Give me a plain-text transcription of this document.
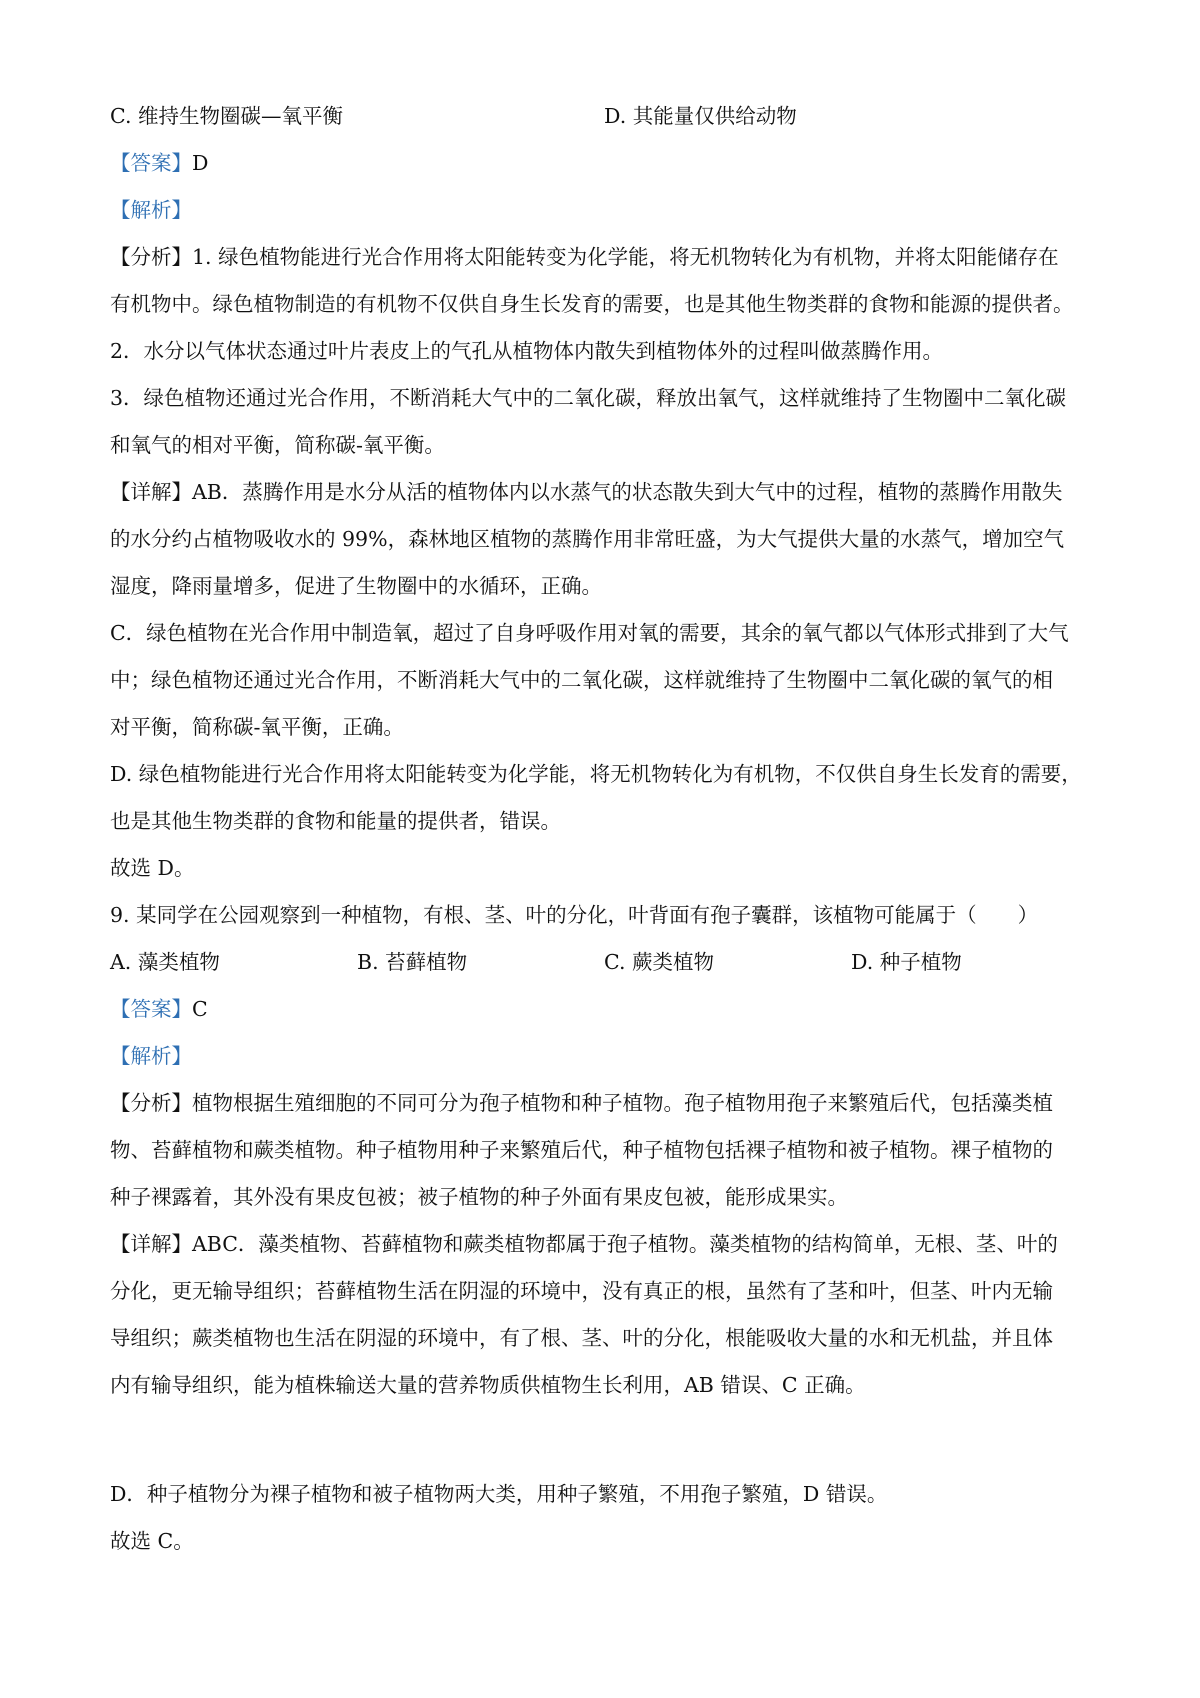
C. 维持生物圈碳—氧平衡	D. 其能量仅供给动物
【答案】D
【解析】
【分析】1. 绿色植物能进行光合作用将太阳能转变为化学能，将无机物转化为有机物，并将太阳能储存在
有机物中。绿色植物制造的有机物不仅供自身生长发育的需要，也是其他生物类群的食物和能源的提供者。
2．水分以气体状态通过叶片表皮上的气孔从植物体内散失到植物体外的过程叫做蒸腾作用。
3．绿色植物还通过光合作用，不断消耗大气中的二氧化碳，释放出氧气，这样就维持了生物圈中二氧化碳
和氧气的相对平衡，简称碳-氧平衡。
【详解】AB．蒸腾作用是水分从活的植物体内以水蒸气的状态散失到大气中的过程，植物的蒸腾作用散失
的水分约占植物吸收水的 99%，森林地区植物的蒸腾作用非常旺盛，为大气提供大量的水蒸气，增加空气
湿度，降雨量增多，促进了生物圈中的水循环，正确。
C．绿色植物在光合作用中制造氧，超过了自身呼吸作用对氧的需要，其余的氧气都以气体形式排到了大气
中；绿色植物还通过光合作用，不断消耗大气中的二氧化碳，这样就维持了生物圈中二氧化碳的氧气的相
对平衡，简称碳-氧平衡，正确。
D. 绿色植物能进行光合作用将太阳能转变为化学能，将无机物转化为有机物，不仅供自身生长发育的需要，
也是其他生物类群的食物和能量的提供者，错误。
故选 D。
9. 某同学在公园观察到一种植物，有根、茎、叶的分化，叶背面有孢子囊群，该植物可能属于（　　）
A. 藻类植物	B. 苔藓植物	C. 蕨类植物	D. 种子植物
【答案】C
【解析】
【分析】植物根据生殖细胞的不同可分为孢子植物和种子植物。孢子植物用孢子来繁殖后代，包括藻类植
物、苔藓植物和蕨类植物。种子植物用种子来繁殖后代，种子植物包括裸子植物和被子植物。裸子植物的
种子裸露着，其外没有果皮包被；被子植物的种子外面有果皮包被，能形成果实。
【详解】ABC．藻类植物、苔藓植物和蕨类植物都属于孢子植物。藻类植物的结构简单，无根、茎、叶的
分化，更无输导组织；苔藓植物生活在阴湿的环境中，没有真正的根，虽然有了茎和叶，但茎、叶内无输
导组织；蕨类植物也生活在阴湿的环境中，有了根、茎、叶的分化，根能吸收大量的水和无机盐，并且体
内有输导组织，能为植株输送大量的营养物质供植物生长利用，AB 错误、C 正确。
D．种子植物分为裸子植物和被子植物两大类，用种子繁殖，不用孢子繁殖，D 错误。
故选 C。
